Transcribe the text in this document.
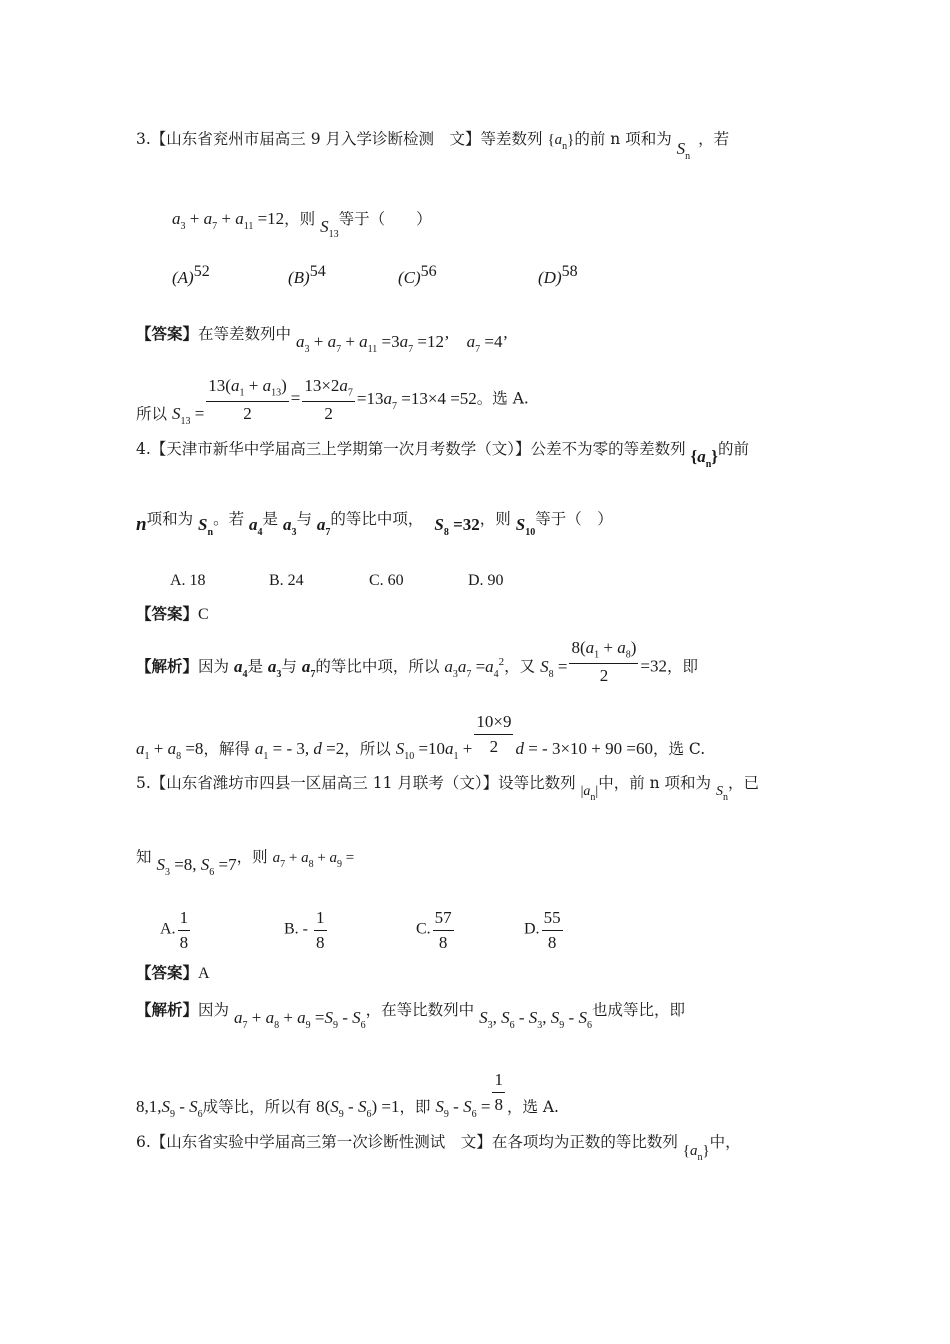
3.【山东省兖州市届高三 9 月入学诊断检测　文】等差数列 $\{a_n\}$的前 n 项和为 $S_n$，若
$a_3 + a_7 + a_{11} =12$，则 $S_{13}$等于（　　）
(A)52	(B)54	(C)56	(D)58
【答案】在等差数列中 $a_3 + a_7 + a_{11} =3a_7 =12$’　$a_7 =4$’
所以 $S_{13} = \frac{13(a_1 + a_{13})}{2} = \frac{13\times 2a_7}{2} =13a_7 =13\times 4 =52$。选 A.
4.【天津市新华中学届高三上学期第一次月考数学（文）】公差不为零的等差数列 $\{a_n\}$的前
n项和为 $S_n$。若 $a_4$是 $a_3$与 $a_7$的等比中项， $S_8 =32$，则 $S_{10}$等于（　）
A. 18	B. 24	C. 60	D. 90
【答案】C
【解析】因为 $a_4$是 $a_3$与 $a_7$的等比中项，所以 $a_3a_7 =a_4^2$，又 $S_8 = \frac{8(a_1 + a_8)}{2} =32$，即
$a_1 + a_8 =8$，解得 $a_1$ = - 3, d =2，所以 $S_{10} =10a_1 + \frac{10\times 9}{2}$ d = - 3×10 + 90 =60，选 C.
5.【山东省潍坊市四县一区届高三 11 月联考（文）】设等比数列 $|a_n|$中，前 n 项和为 $S_n$，已
知 $S_3 =8$, $S_6 =7$，则 $a_7 + a_8 + a_9$ =
A. $\frac{1}{8}$	B. - $\frac{1}{8}$	C. $\frac{57}{8}$	D. $\frac{55}{8}$
【答案】A
【解析】因为 $a_7 + a_8 + a_9 =S_9 - S_6$，在等比数列中 $S_3$, $S_6 - S_3$, $S_9 - S_6$也成等比，即
$8,1,S_9 - S_6$成等比，所以有 $8(S_9 - S_6) =1$，即 $S_9 - S_6 = \frac{1}{8}$ ，选 A.
6.【山东省实验中学届高三第一次诊断性测试　文】在各项均为正数的等比数列 $\{a_n\}$中，
